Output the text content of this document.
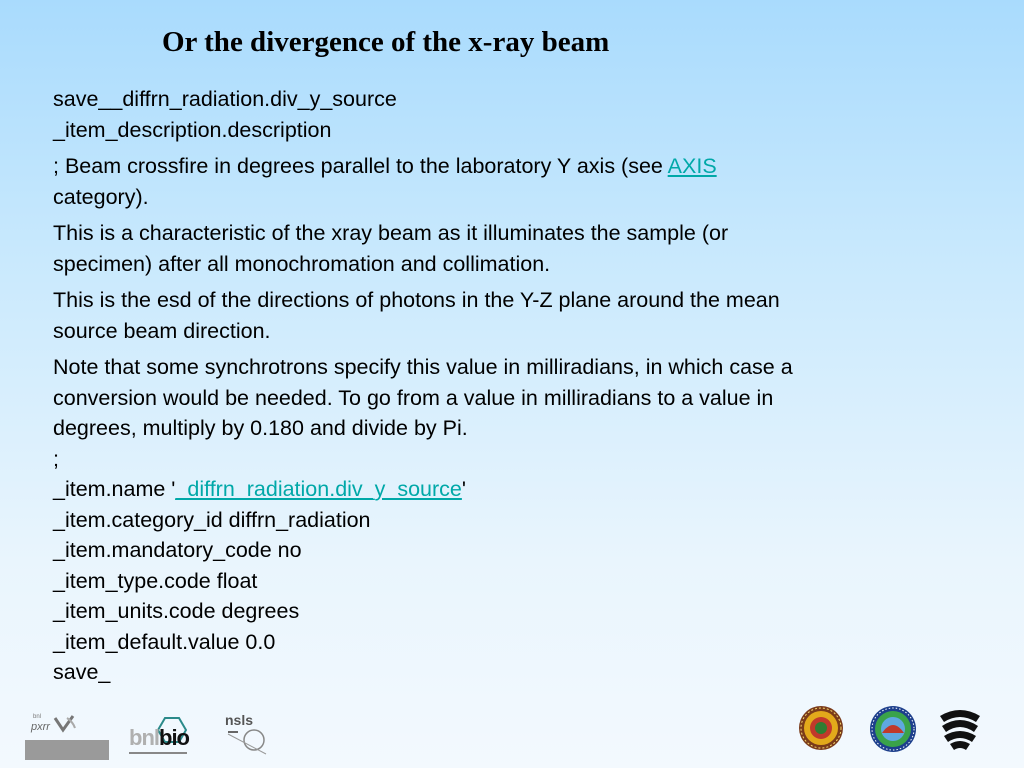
Or the divergence of the x-ray beam

save__diffrn_radiation.div_y_source

_item_description.description

; Beam crossfire in degrees parallel to the laboratory Y axis (see AXIS
category).

This is a characteristic of the xray beam as it illuminates the sample (or
specimen) after all monochromation and collimation.

This is the esd of the directions of photons in the Y-Z plane around the mean
source beam direction.

Note that some synchrotrons specify this value in milliradians, in which case a
conversion would be needed. To go from a value in milliradians to a value in
degrees, multiply by 0.180 and divide by Pi.

;

_item.name '_diffrn_radiation.div_y_source'

_item.category_id diffrn_radiation

_item.mandatory_code no

_item_type.code float

_item_units.code degrees

_item_default.value 0.0

save_

bnl
pxrr	bnlbio
nsls
